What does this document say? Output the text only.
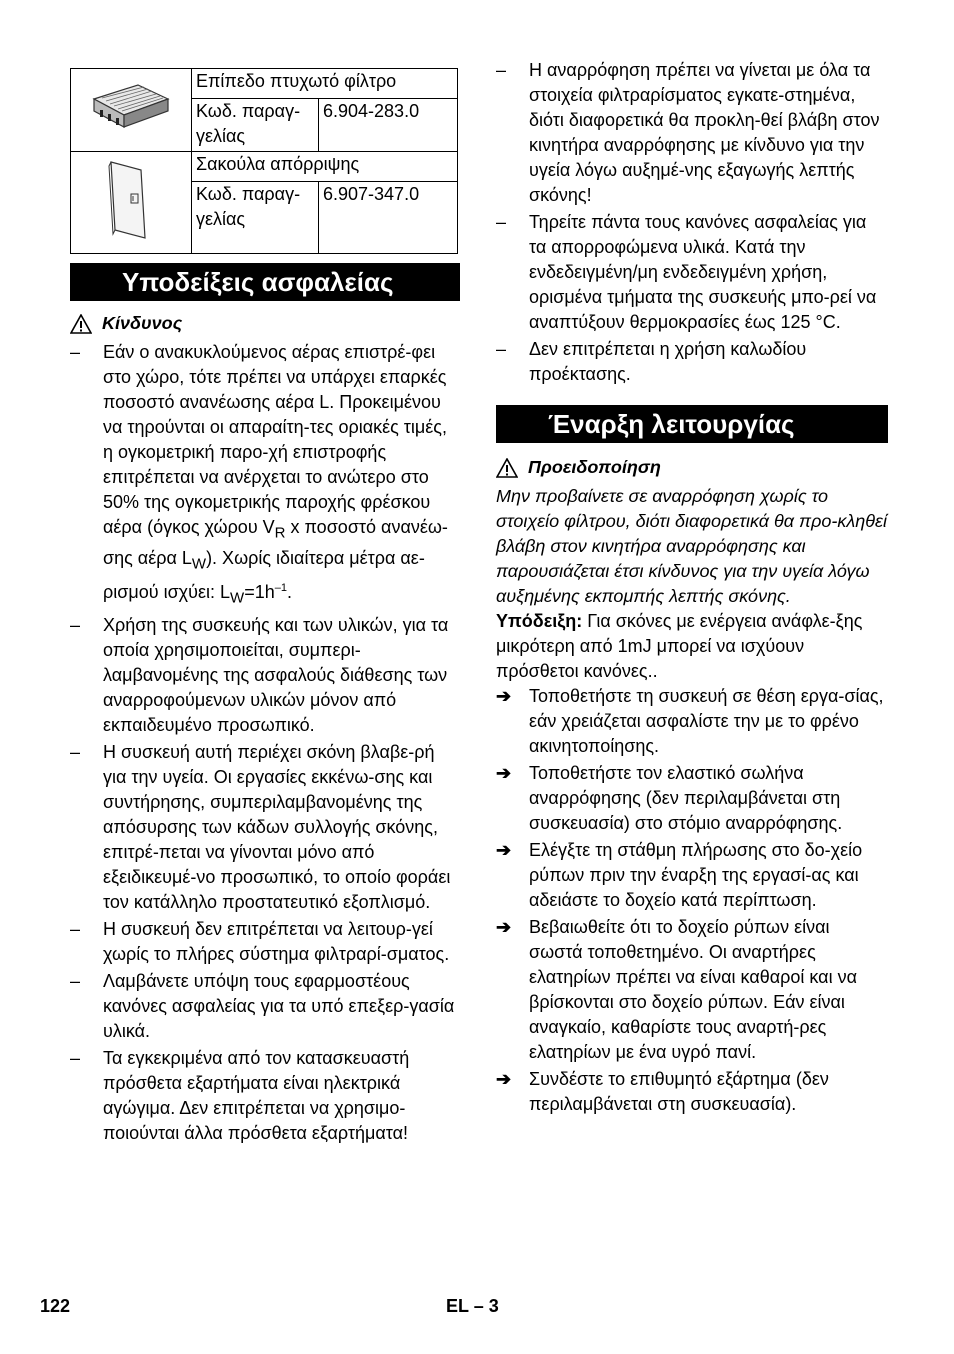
	Επίπεδο πτυχωτό φίλτρο	
	Κωδ. παραγ-
γελίας	6.904-283.0
	Σακούλα απόρριψης	
	Κωδ. παραγ-
γελίας	6.907-347.0
Υποδείξεις ασφαλείας
Κίνδυνος
– Εάν ο ανακυκλούμενος αέρας επιστρέ-φει στο χώρο, τότε πρέπει να υπάρχει επαρκές ποσοστό ανανέωσης αέρα L. Προκειμένου να τηρούνται οι απαραίτη-τες οριακές τιμές, η ογκομετρική παρο-χή επιστροφής επιτρέπεται να ανέρχεται το ανώτερο στο 50% της ογκομετρικής παροχής φρέσκου αέρα (όγκος χώρου $V_R$ x ποσοστό ανανέω-σης αέρα $L_W$). Χωρίς ιδιαίτερα μέτρα αε-ρισμού ισχύει: $L_W=1h^{-1}$.
– Χρήση της συσκευής και των υλικών, για τα οποία χρησιμοποιείται, συμπερι-λαμβανομένης της ασφαλούς διάθεσης των αναρροφούμενων υλικών μόνον από εκπαιδευμένο προσωπικό.
– Η συσκευή αυτή περιέχει σκόνη βλαβε-ρή για την υγεία. Οι εργασίες εκκένω-σης και συντήρησης, συμπεριλαμβανομένης της απόσυρσης των κάδων συλλογής σκόνης, επιτρέ-πεται να γίνονται μόνο από εξειδικευμέ-νο προσωπικό, το οποίο φοράει τον κατάλληλο προστατευτικό εξοπλισμό.
– Η συσκευή δεν επιτρέπεται να λειτουρ-γεί χωρίς το πλήρες σύστημα φιλτραρί-σματος.
– Λαμβάνετε υπόψη τους εφαρμοστέους κανόνες ασφαλείας για τα υπό επεξερ-γασία υλικά.
– Τα εγκεκριμένα από τον κατασκευαστή πρόσθετα εξαρτήματα είναι ηλεκτρικά αγώγιμα. Δεν επιτρέπεται να χρησιμο-ποιούνται άλλα πρόσθετα εξαρτήματα!
– Η αναρρόφηση πρέπει να γίνεται με όλα τα στοιχεία φιλτραρίσματος εγκατε-στημένα, διότι διαφορετικά θα προκλη-θεί βλάβη στον κινητήρα αναρρόφησης με κίνδυνο για την υγεία λόγω αυξημέ-νης εξαγωγής λεπτής σκόνης!
– Τηρείτε πάντα τους κανόνες ασφαλείας για τα απορροφώμενα υλικά. Κατά την ενδεδειγμένη/μη ενδεδειγμένη χρήση, ορισμένα τμήματα της συσκευής μπο-ρεί να αναπτύξουν θερμοκρασίες έως 125 °C.
– Δεν επιτρέπεται η χρήση καλωδίου προέκτασης.
Έναρξη λειτουργίας
Προειδοποίηση

Μην προβαίνετε σε αναρρόφηση χωρίς το στοιχείο φίλτρου, διότι διαφορετικά θα προ-κληθεί βλάβη στον κινητήρα αναρρόφησης και παρουσιάζεται έτσι κίνδυνος για την υγεία λόγω αυξημένης εκπομπής λεπτής σκόνης.

Υπόδειξη: Για σκόνες με ενέργεια ανάφλε-ξης μικρότερη από 1mJ μπορεί να ισχύουν πρόσθετοι κανόνες..

➔ Τοποθετήστε τη συσκευή σε θέση εργα-σίας, εάν χρειάζεται ασφαλίστε την με το φρένο ακινητοποίησης.
➔ Τοποθετήστε τον ελαστικό σωλήνα αναρρόφησης (δεν περιλαμβάνεται στη συσκευασία) στο στόμιο αναρρόφησης.
➔ Ελέγξτε τη στάθμη πλήρωσης στο δο-χείο ρύπων πριν την έναρξη της εργασί-ας και αδειάστε το δοχείο κατά περίπτωση.
➔ Βεβαιωθείτε ότι το δοχείο ρύπων είναι σωστά τοποθετημένο. Οι αναρτήρες ελατηρίων πρέπει να είναι καθαροί και να βρίσκονται στο δοχείο ρύπων. Εάν είναι αναγκαίο, καθαρίστε τους αναρτή-ρες ελατηρίων με ένα υγρό πανί.
➔ Συνδέστε το επιθυμητό εξάρτημα (δεν περιλαμβάνεται στη συσκευασία).
122	EL – 3
